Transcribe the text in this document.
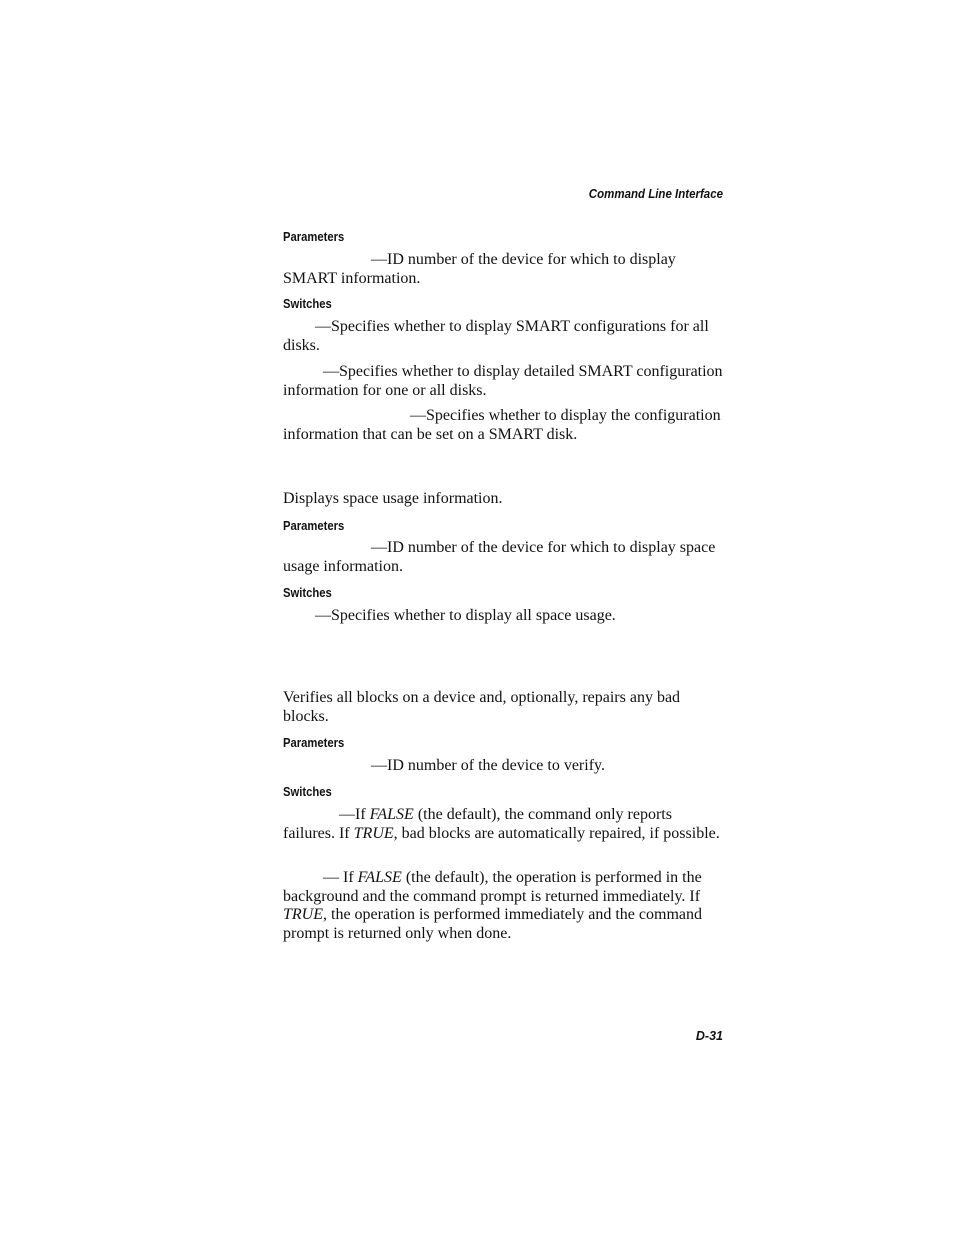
Command Line Interface
Parameters

—ID number of the device for which to display SMART information.

Switches

—Specifies whether to display SMART configurations for all disks.

—Specifies whether to display detailed SMART configuration information for one or all disks.

—Specifies whether to display the configuration information that can be set on a SMART disk.

Displays space usage information.

Parameters

—ID number of the device for which to display space usage information.

Switches

—Specifies whether to display all space usage.

Verifies all blocks on a device and, optionally, repairs any bad blocks.

Parameters

—ID number of the device to verify.

Switches

—If FALSE (the default), the command only reports failures. If TRUE, bad blocks are automatically repaired, if possible.

— If FALSE (the default), the operation is performed in the background and the command prompt is returned immediately. If TRUE, the operation is performed immediately and the command prompt is returned only when done.

D-31
